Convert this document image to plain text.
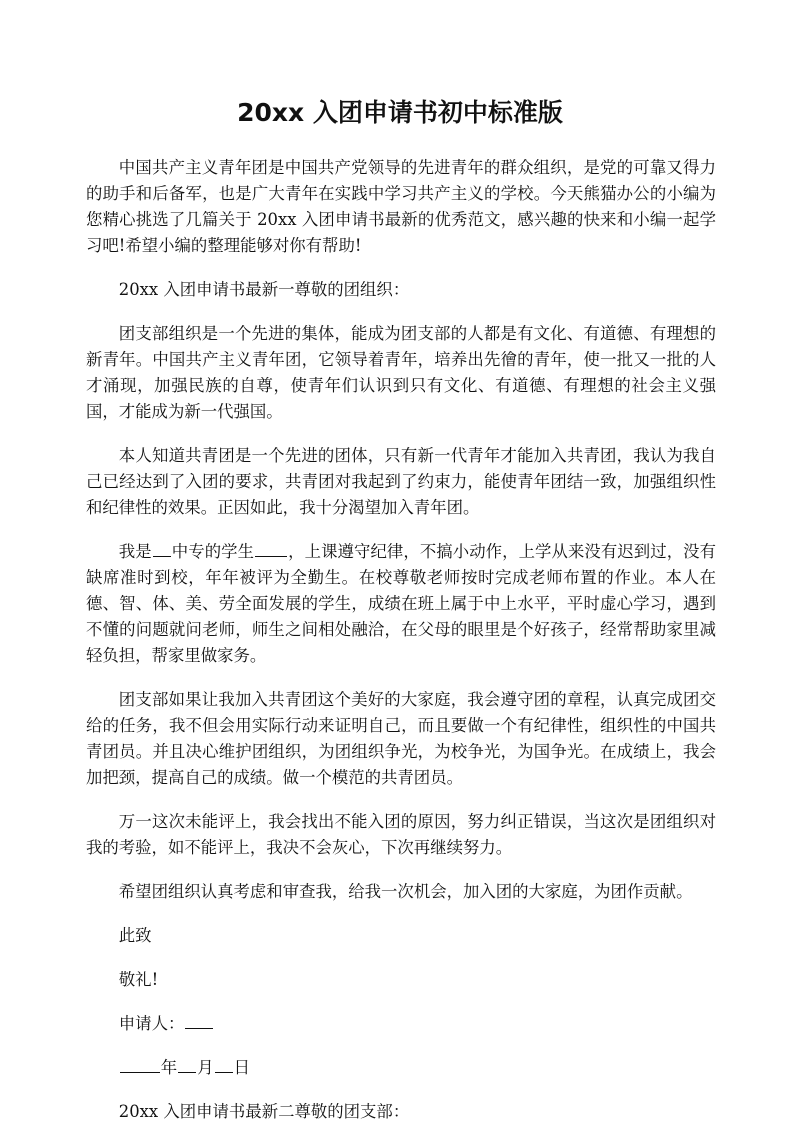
20xx 入团申请书初中标准版

中国共产主义青年团是中国共产党领导的先进青年的群众组织，是党的可靠又得力的助手和后备军，也是广大青年在实践中学习共产主义的学校。今天熊猫办公的小编为您精心挑选了几篇关于 20xx 入团申请书最新的优秀范文，感兴趣的快来和小编一起学习吧!希望小编的整理能够对你有帮助!

20xx 入团申请书最新一尊敬的团组织：

团支部组织是一个先进的集体，能成为团支部的人都是有文化、有道德、有理想的新青年。中国共产主义青年团，它领导着青年，培养出先徻的青年，使一批又一批的人才涌现，加强民族的自尊，使青年们认识到只有文化、有道德、有理想的社会主义强国，才能成为新一代强国。

本人知道共青团是一个先进的团体，只有新一代青年才能加入共青团，我认为我自己已经达到了入团的要求，共青团对我起到了约束力，能使青年团结一致，加强组织性和纪律性的效果。正因如此，我十分渴望加入青年团。

我是 中专的学生 ，上课遵守纪律，不搞小动作，上学从来没有迟到过，没有缺席准时到校，年年被评为全勤生。在校尊敬老师按时完成老师布置的作业。本人在德、智、体、美、劳全面发展的学生，成绩在班上属于中上水平，平时虚心学习，遇到不懂的问题就问老师，师生之间相处融洽，在父母的眼里是个好孩子，经常帮助家里减轻负担，帮家里做家务。

团支部如果让我加入共青团这个美好的大家庭，我会遵守团的章程，认真完成团交给的任务，我不但会用实际行动来证明自己，而且要做一个有纪律性，组织性的中国共青团员。并且决心维护团组织，为团组织争光，为校争光，为国争光。在成绩上，我会加把颈，提高自己的成绩。做一个模范的共青团员。

万一这次未能评上，我会找出不能入团的原因，努力纠正错误，当这次是团组织对我的考验，如不能评上，我决不会灰心，下次再继续努力。

希望团组织认真考虑和审查我，给我一次机会，加入团的大家庭，为团作贡献。

此致

敬礼!

申请人：

年 月 日

20xx 入团申请书最新二尊敬的团支部：
